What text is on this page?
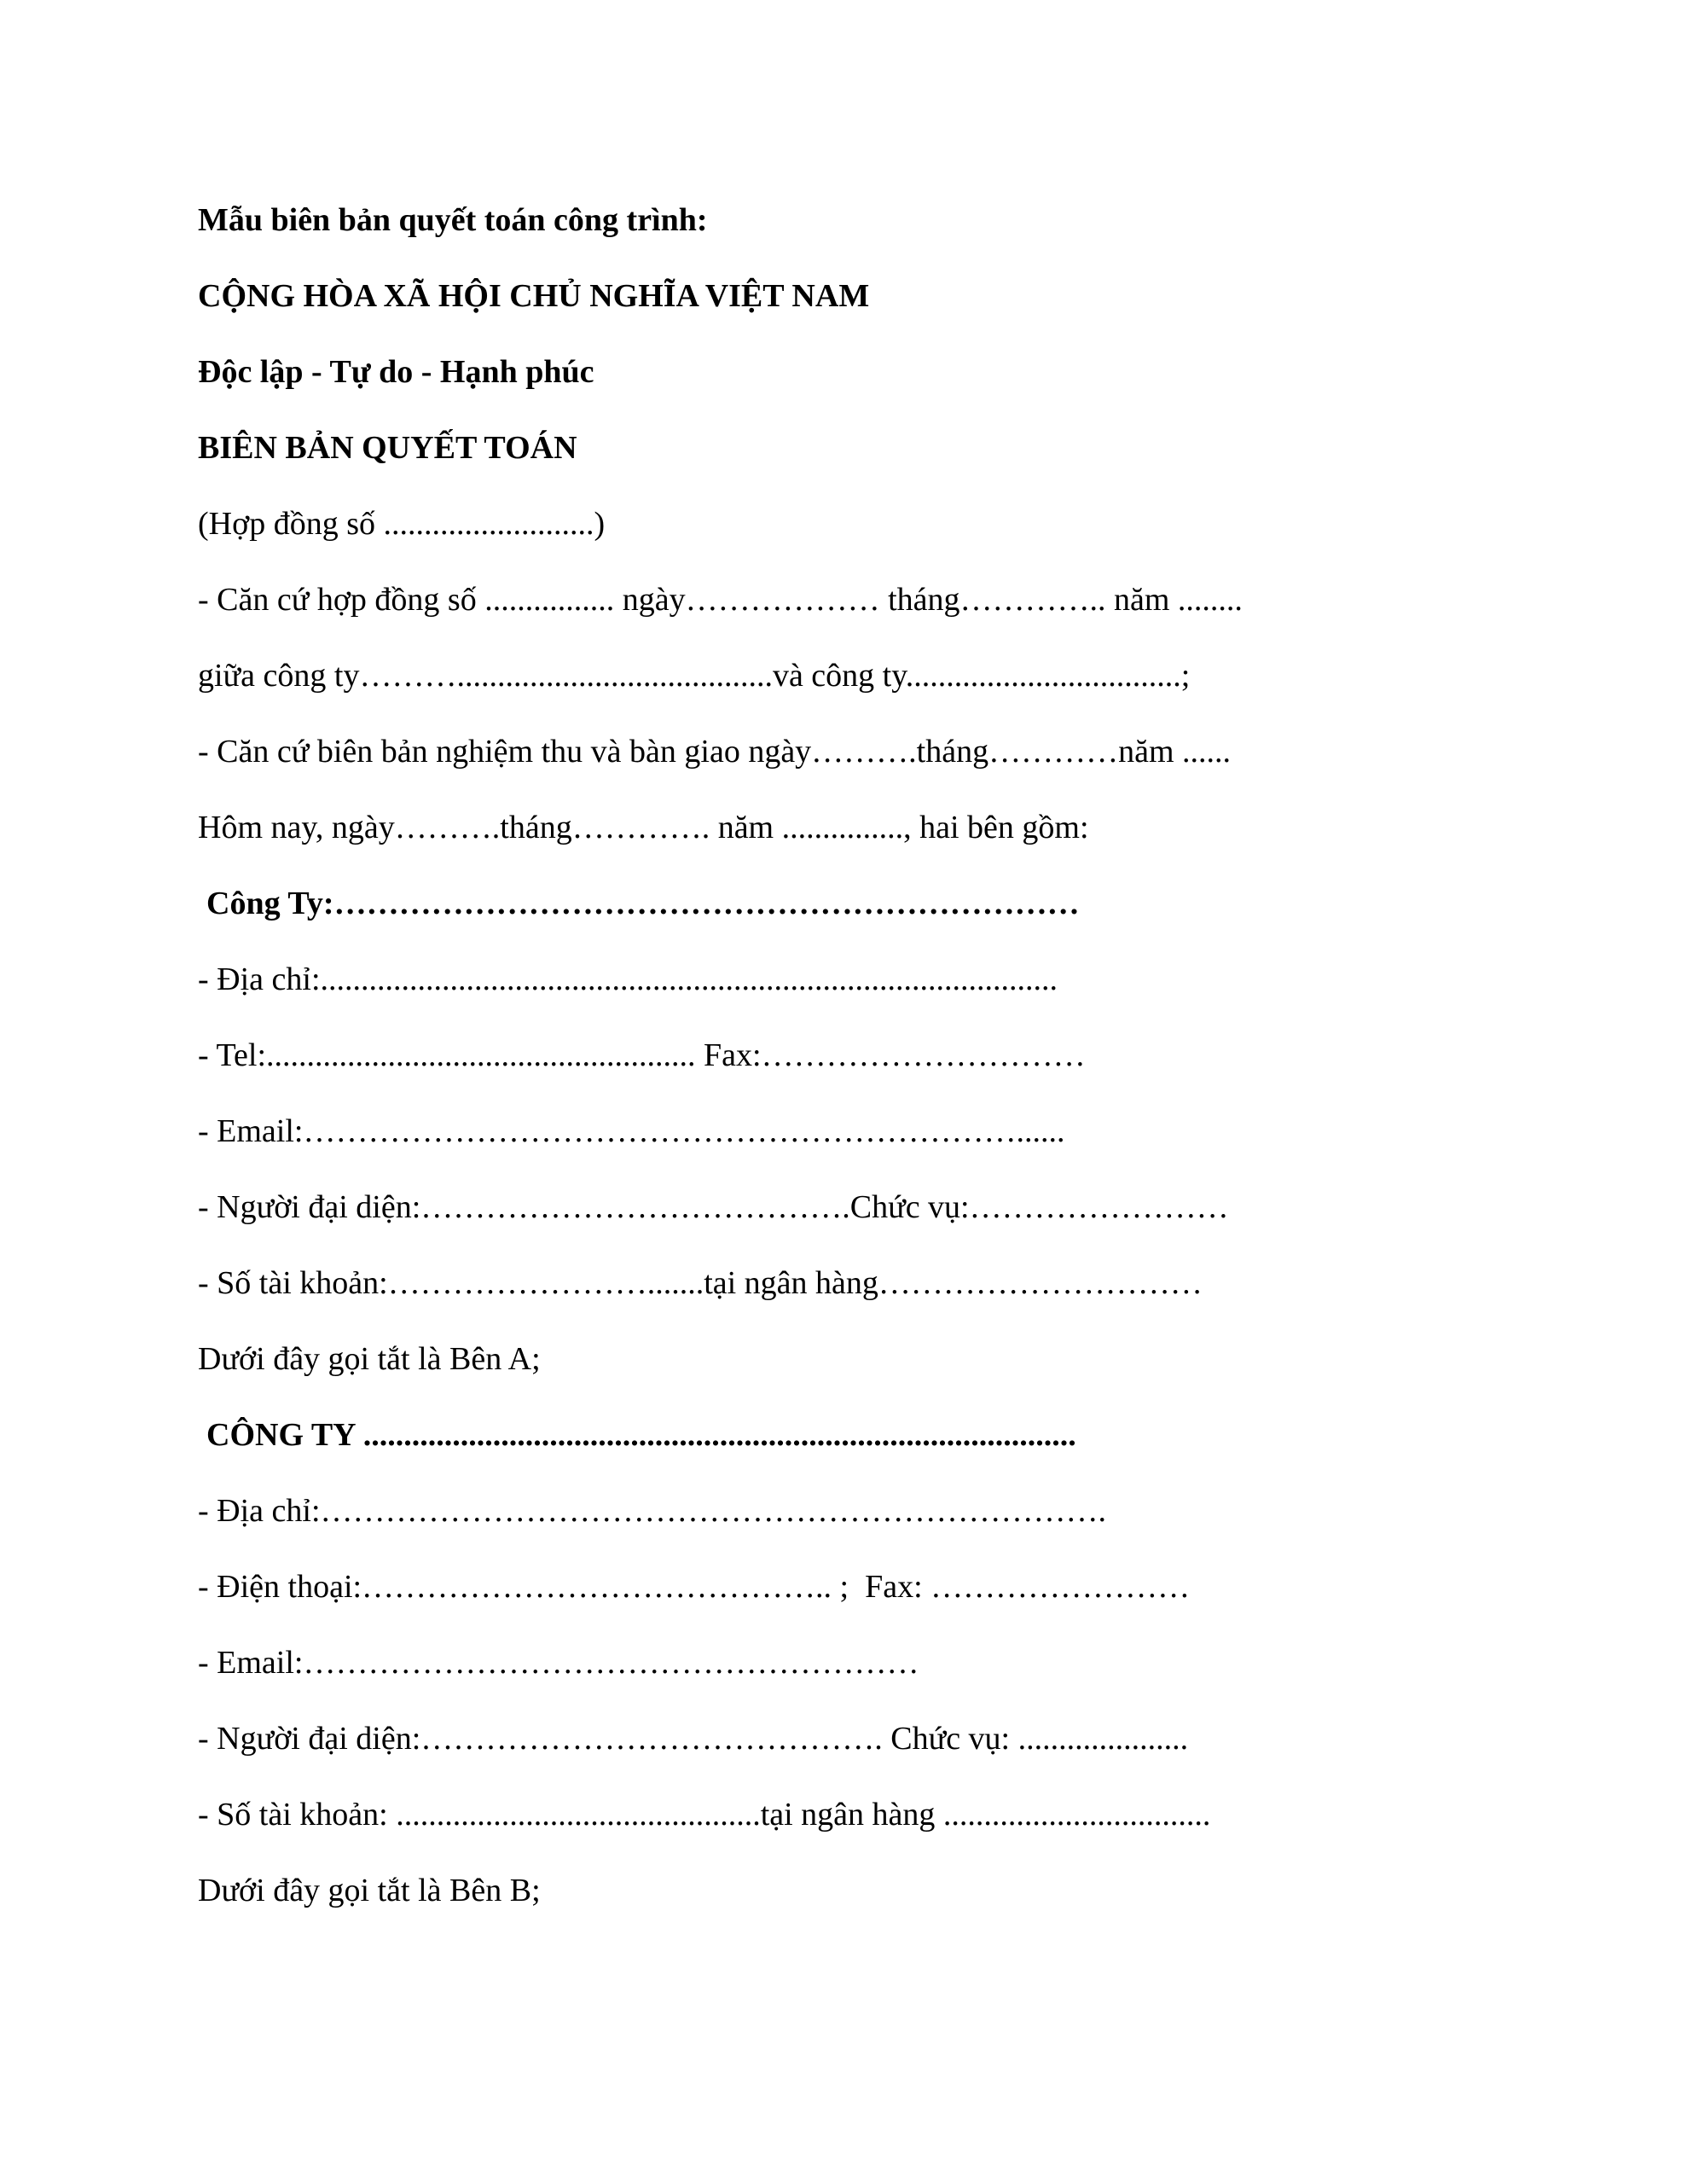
Mẫu biên bản quyết toán công trình:
CỘNG HÒA XÃ HỘI CHỦ NGHĨA VIỆT NAM
Độc lập - Tự do - Hạnh phúc
BIÊN BẢN QUYẾT TOÁN
(Hợp đồng số ..........................)
- Căn cứ hợp đồng số ................ ngày……………… tháng………….. năm ........
giữa công ty……….......................................và công ty..................................;
- Căn cứ biên bản nghiệm thu và bàn giao ngày……….tháng…………năm ......
Hôm nay, ngày……….tháng…………. năm ..............., hai bên gồm:
Công Ty:……………………………………………………………
- Địa chỉ:...........................................................................................
- Tel:..................................................... Fax:…………………………
- Email:…………………………………………………………......
- Người đại diện:………………………………….Chức vụ:……………………
- Số tài khoản:…………………….......tại ngân hàng…………………………
Dưới đây gọi tắt là Bên A;
CÔNG TY ........................................................................................
- Địa chỉ:……………………………………………………………….
- Điện thoại:…………………………………….. ;  Fax: ……………………
- Email:…………………………………………………
- Người đại diện:……………………………………. Chức vụ: .....................
- Số tài khoản: .............................................tại ngân hàng .................................
Dưới đây gọi tắt là Bên B;
